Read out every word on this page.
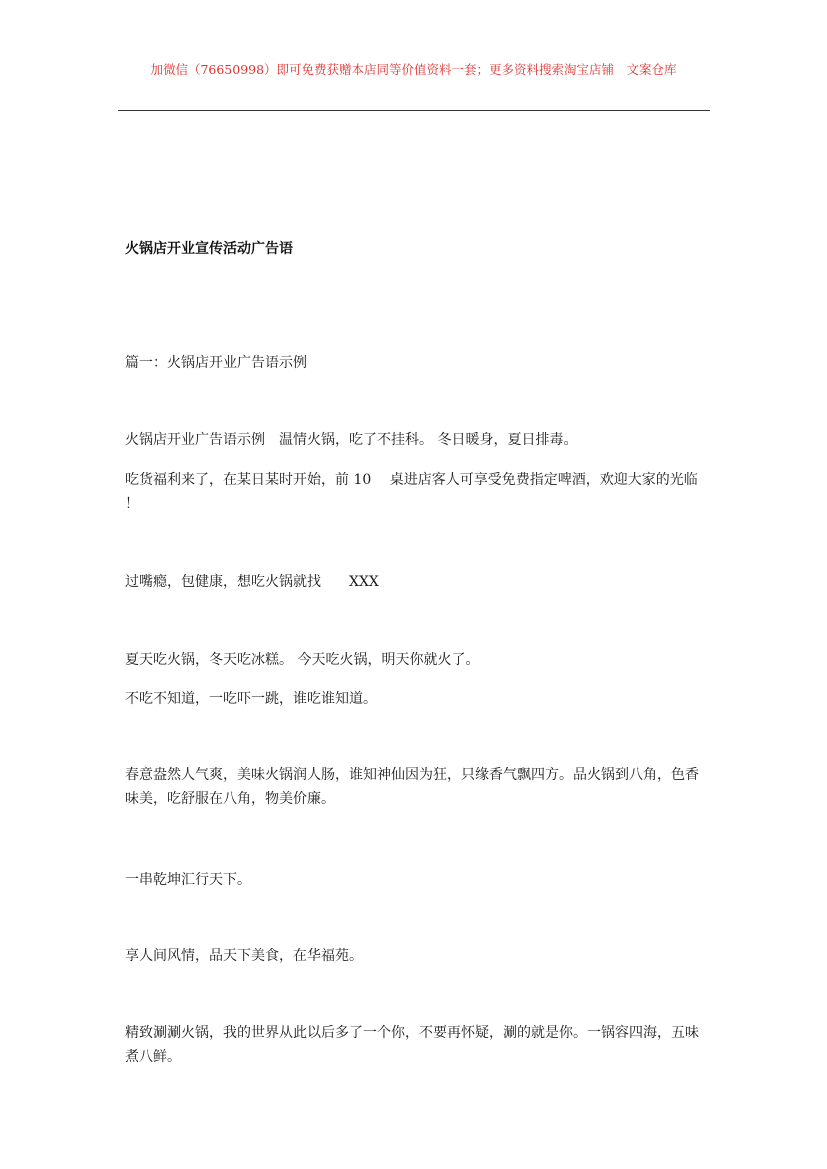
加微信（76650998）即可免费获赠本店同等价值资料一套；更多资料搜索淘宝店铺　文案仓库
火锅店开业宣传活动广告语
篇一：火锅店开业广告语示例
火锅店开业广告语示例　温情火锅，吃了不挂科。 冬日暖身，夏日排毒。
吃货福利来了，在某日某时开始，前 10　 桌进店客人可享受免费指定啤酒，欢迎大家的光临 ！
过嘴瘾，包健康，想吃火锅就找　　XXX
夏天吃火锅，冬天吃冰糕。 今天吃火锅，明天你就火了。
不吃不知道，一吃吓一跳，谁吃谁知道。
春意盎然人气爽，美味火锅润人肠，谁知神仙因为狂，只缘香气飘四方。品火锅到八角，色香味美，吃舒服在八角，物美价廉。
一串乾坤汇行天下。
享人间风情，品天下美食，在华福苑。
精致涮涮火锅，我的世界从此以后多了一个你，不要再怀疑，涮的就是你。一锅容四海，五味煮八鲜。
